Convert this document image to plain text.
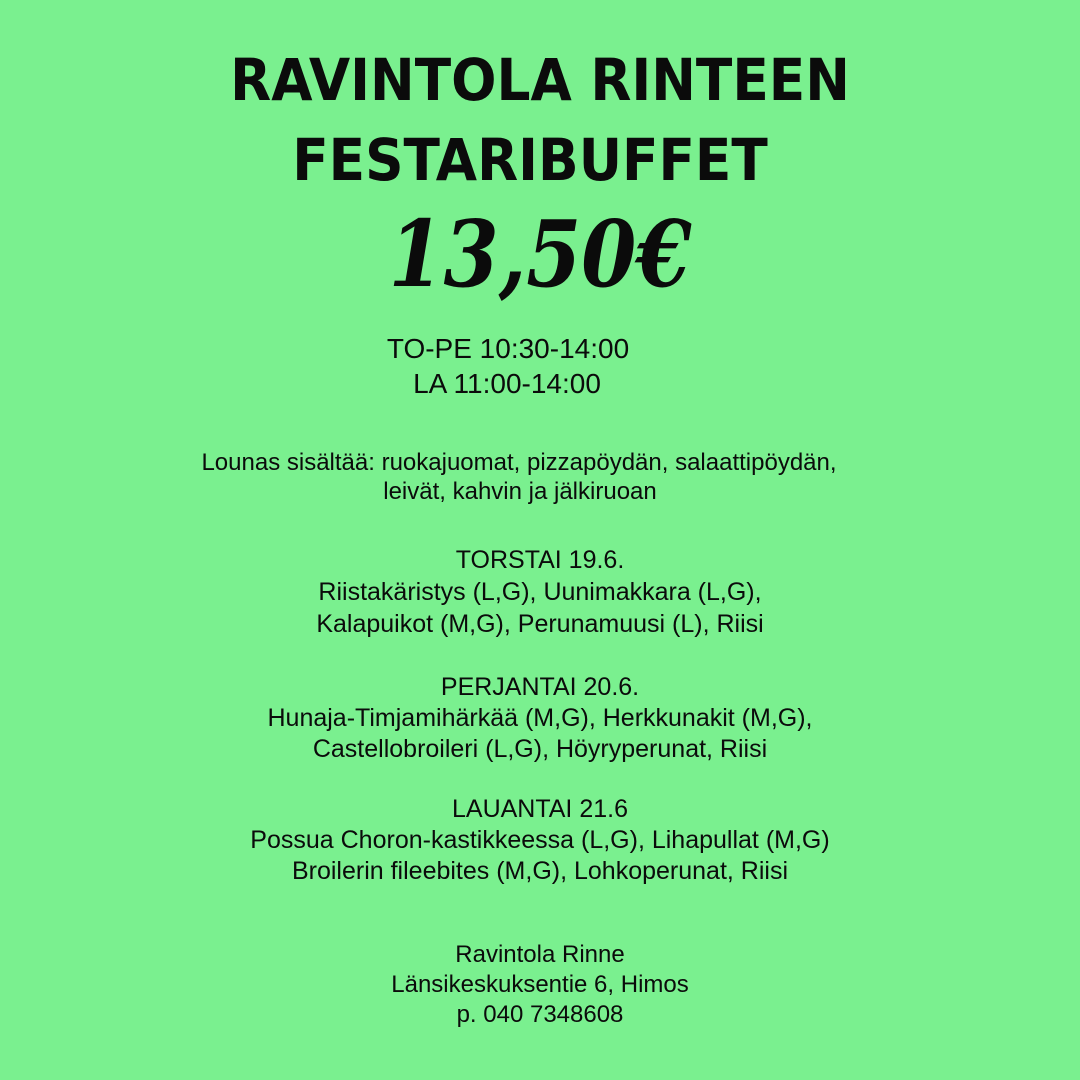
RAVINTOLA RINTEEN
FESTARIBUFFET
13,50€
TO-PE 10:30-14:00
LA 11:00-14:00
Lounas sisältää: ruokajuomat, pizzapöydän, salaattipöydän,
leivät, kahvin ja jälkiruoan
TORSTAI 19.6.
Riistakäristys (L,G), Uunimakkara (L,G),
Kalapuikot (M,G), Perunamuusi (L), Riisi
PERJANTAI 20.6.
Hunaja-Timjamihärkää (M,G), Herkkunakit (M,G),
Castellobroileri (L,G), Höyryperunat, Riisi
LAUANTAI 21.6
Possua Choron-kastikkeessa (L,G), Lihapullat (M,G)
Broilerin fileebites (M,G), Lohkoperunat, Riisi
Ravintola Rinne
Länsikeskuksentie 6, Himos
p. 040 7348608
